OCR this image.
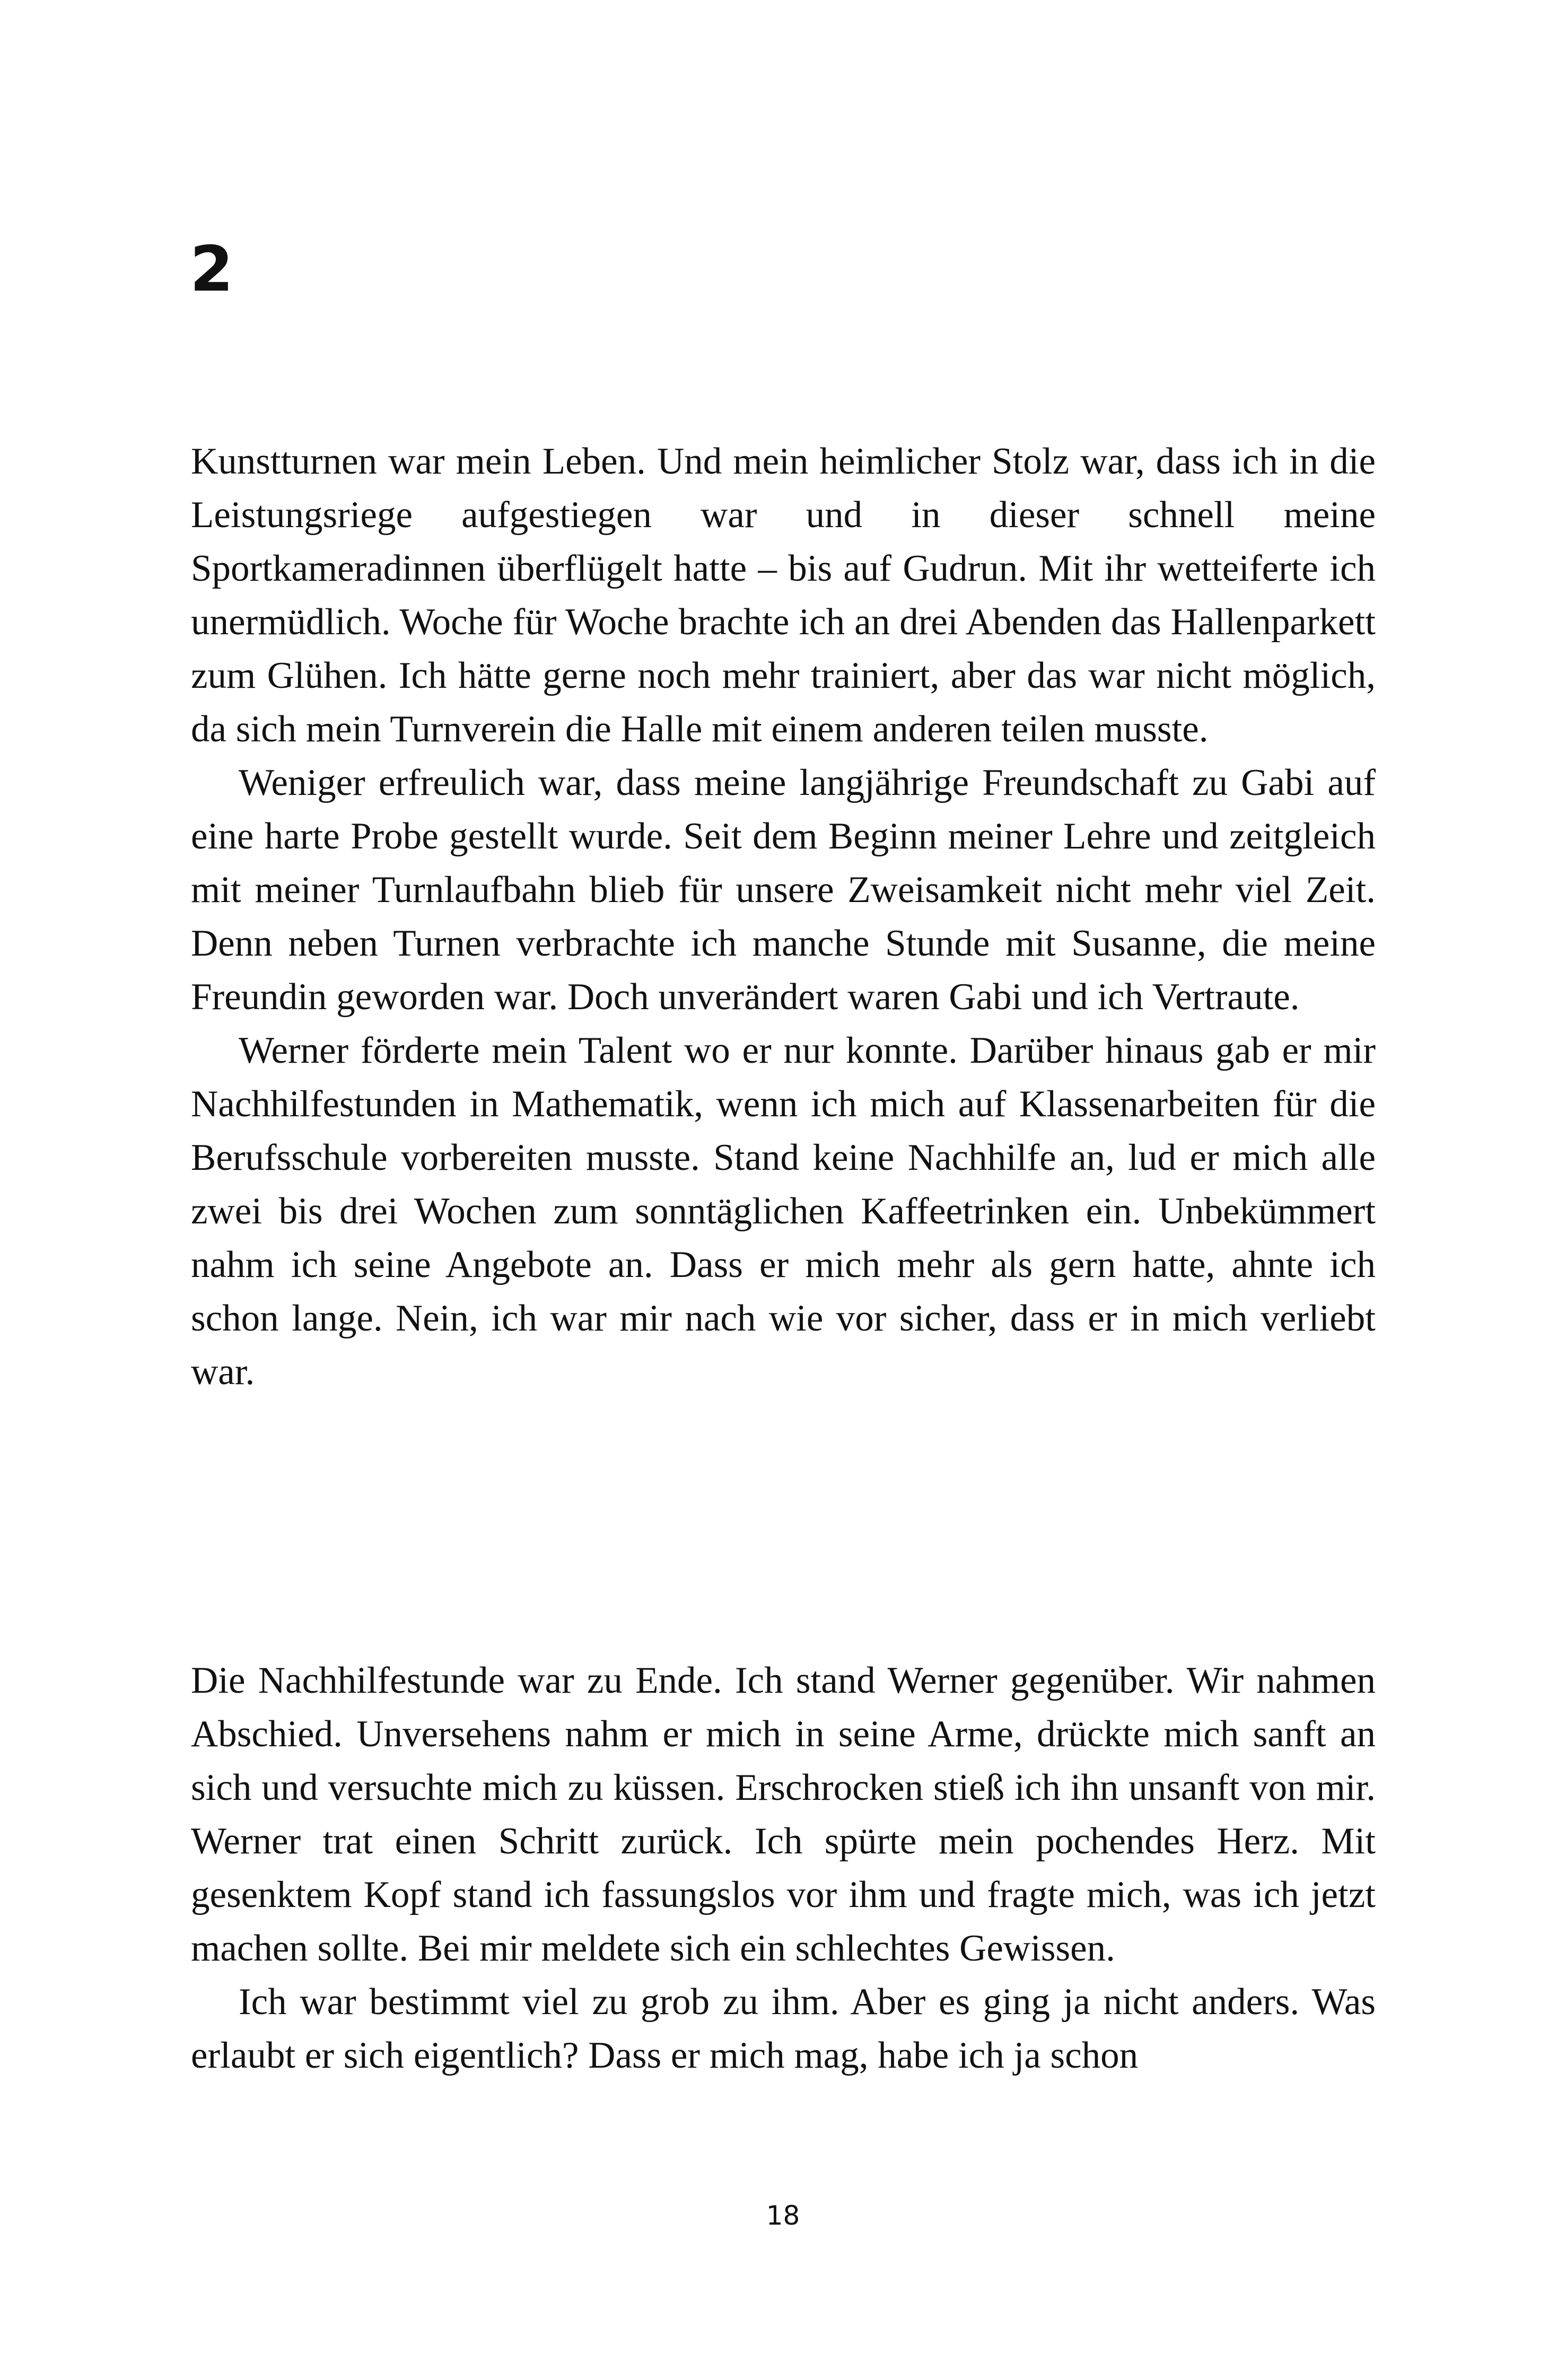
2

Kunstturnen war mein Leben. Und mein heimlicher Stolz war, dass ich in die Leistungsriege aufgestiegen war und in dieser schnell meine Sportkameradinnen überflügelt hatte – bis auf Gudrun. Mit ihr wetteiferte ich unermüdlich. Woche für Woche brachte ich an drei Abenden das Hallenparkett zum Glühen. Ich hätte gerne noch mehr trainiert, aber das war nicht möglich, da sich mein Turnverein die Halle mit einem anderen teilen musste.

Weniger erfreulich war, dass meine langjährige Freundschaft zu Gabi auf eine harte Probe gestellt wurde. Seit dem Beginn meiner Lehre und zeitgleich mit meiner Turnlaufbahn blieb für unsere Zweisamkeit nicht mehr viel Zeit. Denn neben Turnen verbrachte ich manche Stunde mit Susanne, die meine Freundin geworden war. Doch unverändert waren Gabi und ich Vertraute.

Werner förderte mein Talent wo er nur konnte. Darüber hinaus gab er mir Nachhilfestunden in Mathematik, wenn ich mich auf Klassenarbeiten für die Berufsschule vorbereiten musste. Stand keine Nachhilfe an, lud er mich alle zwei bis drei Wochen zum sonntäglichen Kaffeetrinken ein. Unbekümmert nahm ich seine Angebote an. Dass er mich mehr als gern hatte, ahnte ich schon lange. Nein, ich war mir nach wie vor sicher, dass er in mich verliebt war.

Die Nachhilfestunde war zu Ende. Ich stand Werner gegenüber. Wir nahmen Abschied. Unversehens nahm er mich in seine Arme, drückte mich sanft an sich und versuchte mich zu küssen. Erschrocken stieß ich ihn unsanft von mir. Werner trat einen Schritt zurück. Ich spürte mein pochendes Herz. Mit gesenktem Kopf stand ich fassungslos vor ihm und fragte mich, was ich jetzt machen sollte. Bei mir meldete sich ein schlechtes Gewissen.

Ich war bestimmt viel zu grob zu ihm. Aber es ging ja nicht anders. Was erlaubt er sich eigentlich? Dass er mich mag, habe ich ja schon

18
